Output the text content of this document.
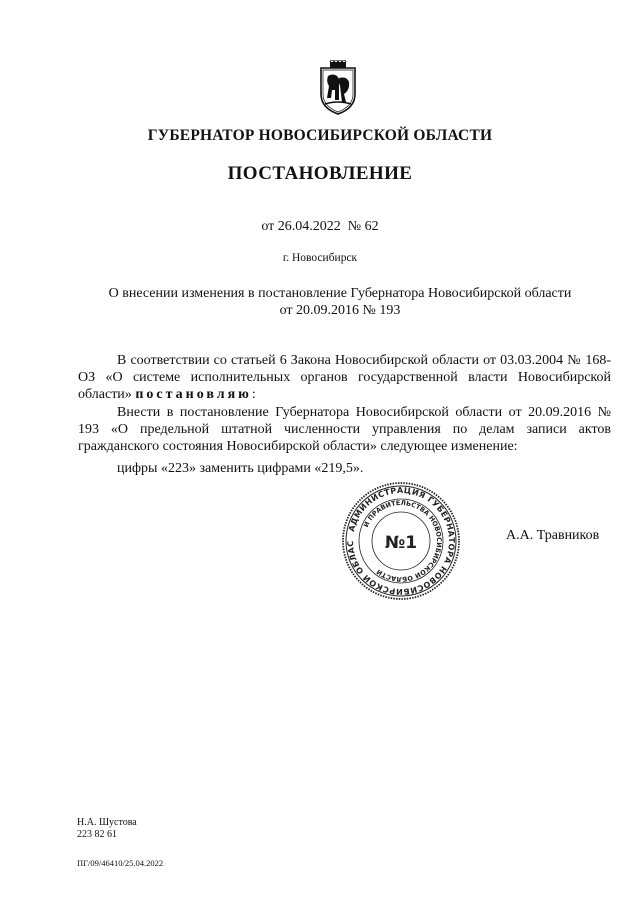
ГУБЕРНАТОР НОВОСИБИРСКОЙ ОБЛАСТИ
ПОСТАНОВЛЕНИЕ
от 26.04.2022  № 62
г. Новосибирск
О внесении изменения в постановление Губернатора Новосибирской области
от 20.09.2016 № 193
В соответствии со статьей 6 Закона Новосибирской области от 03.03.2004 № 168-ОЗ «О системе исполнительных органов государственной власти Новосибирской области» постановляю:
Внести в постановление Губернатора Новосибирской области от 20.09.2016 № 193 «О предельной штатной численности управления по делам записи актов гражданского состояния Новосибирской области» следующее изменение:
цифры «223» заменить цифрами «219,5».
АДМИНИСТРАЦИЯ ГУБЕРНАТОРА НОВОСИБИРСКОЙ ОБЛАС
И ПРАВИТЕЛЬСТВА НОВОСИБИРСКОЙ ОБЛАСТИ
№1	А.А. Травников
Н.А. Шустова
223 82 61
ПГ/09/46410/25.04.2022
